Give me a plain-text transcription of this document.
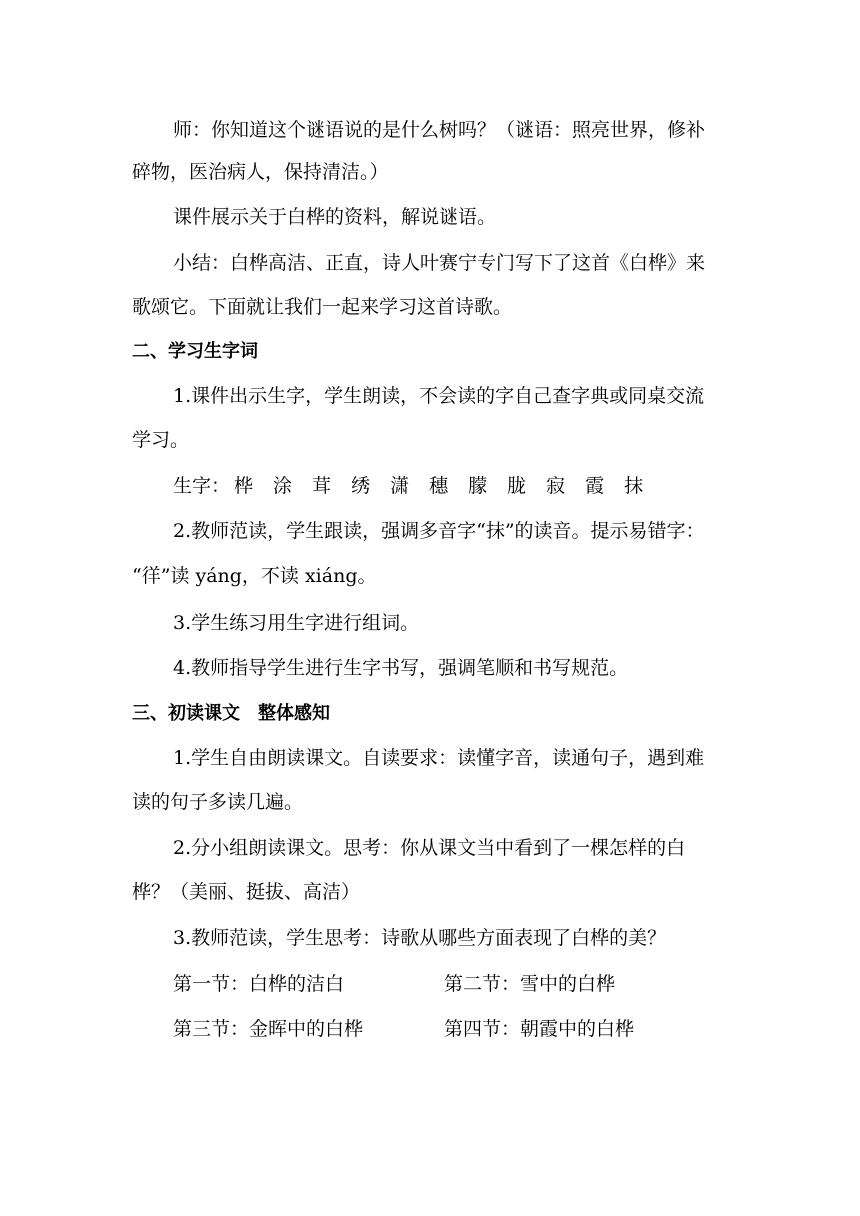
师：你知道这个谜语说的是什么树吗？（谜语：照亮世界，修补
碎物，医治病人，保持清洁。）
课件展示关于白桦的资料，解说谜语。
小结：白桦高洁、正直，诗人叶赛宁专门写下了这首《白桦》来
歌颂它。下面就让我们一起来学习这首诗歌。
二、学习生字词
1.课件出示生字，学生朗读，不会读的字自己查字典或同桌交流
学习。
生字： 桦 涂 茸 绣 潇 穗 朦 胧 寂 霞 抹
2.教师范读，学生跟读，强调多音字“抹”的读音。提示易错字：
“徉”读 yáng，不读 xiáng。
3.学生练习用生字进行组词。
4.教师指导学生进行生字书写，强调笔顺和书写规范。
三、初读课文　整体感知
1.学生自由朗读课文。自读要求：读懂字音，读通句子，遇到难
读的句子多读几遍。
2.分小组朗读课文。思考：你从课文当中看到了一棵怎样的白
桦？（美丽、挺拔、高洁）
3.教师范读，学生思考：诗歌从哪些方面表现了白桦的美？
第一节：白桦的洁白	第二节：雪中的白桦
第三节：金晖中的白桦	第四节：朝霞中的白桦
